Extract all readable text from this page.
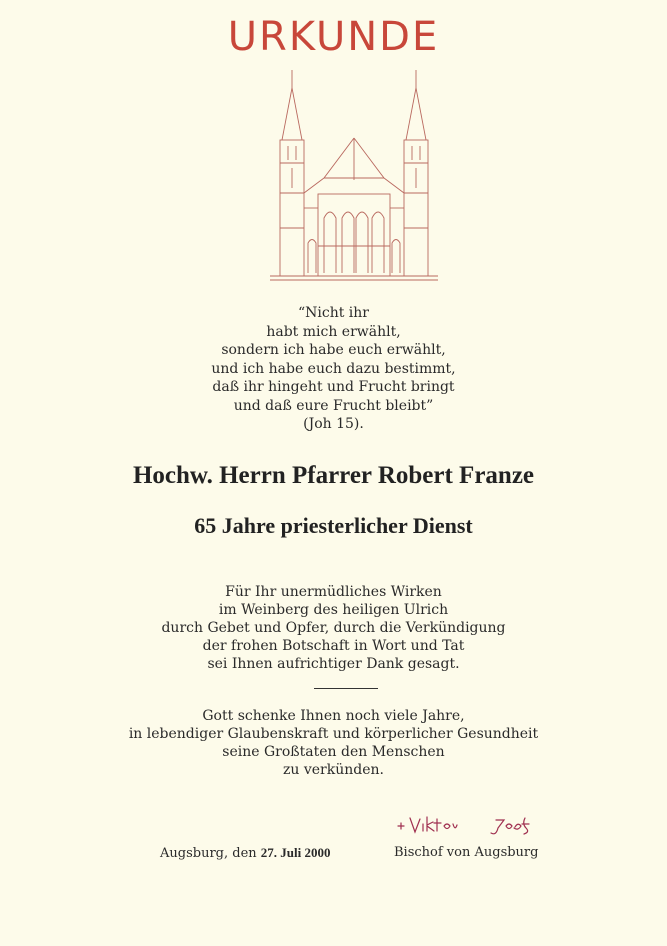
URKUNDE
“Nicht ihr
habt mich erwählt,
sondern ich habe euch erwählt,
und ich habe euch dazu bestimmt,
daß ihr hingeht und Frucht bringt
und daß eure Frucht bleibt”
(Joh 15).
Hochw. Herrn Pfarrer Robert Franze
65 Jahre priesterlicher Dienst
Für Ihr unermüdliches Wirken
im Weinberg des heiligen Ulrich
durch Gebet und Opfer, durch die Verkündigung
der frohen Botschaft in Wort und Tat
sei Ihnen aufrichtiger Dank gesagt.
Gott schenke Ihnen noch viele Jahre,
in lebendiger Glaubenskraft und körperlicher Gesundheit
seine Großtaten den Menschen
zu verkünden.
Augsburg, den 27. Juli 2000	Bischof von Augsburg
